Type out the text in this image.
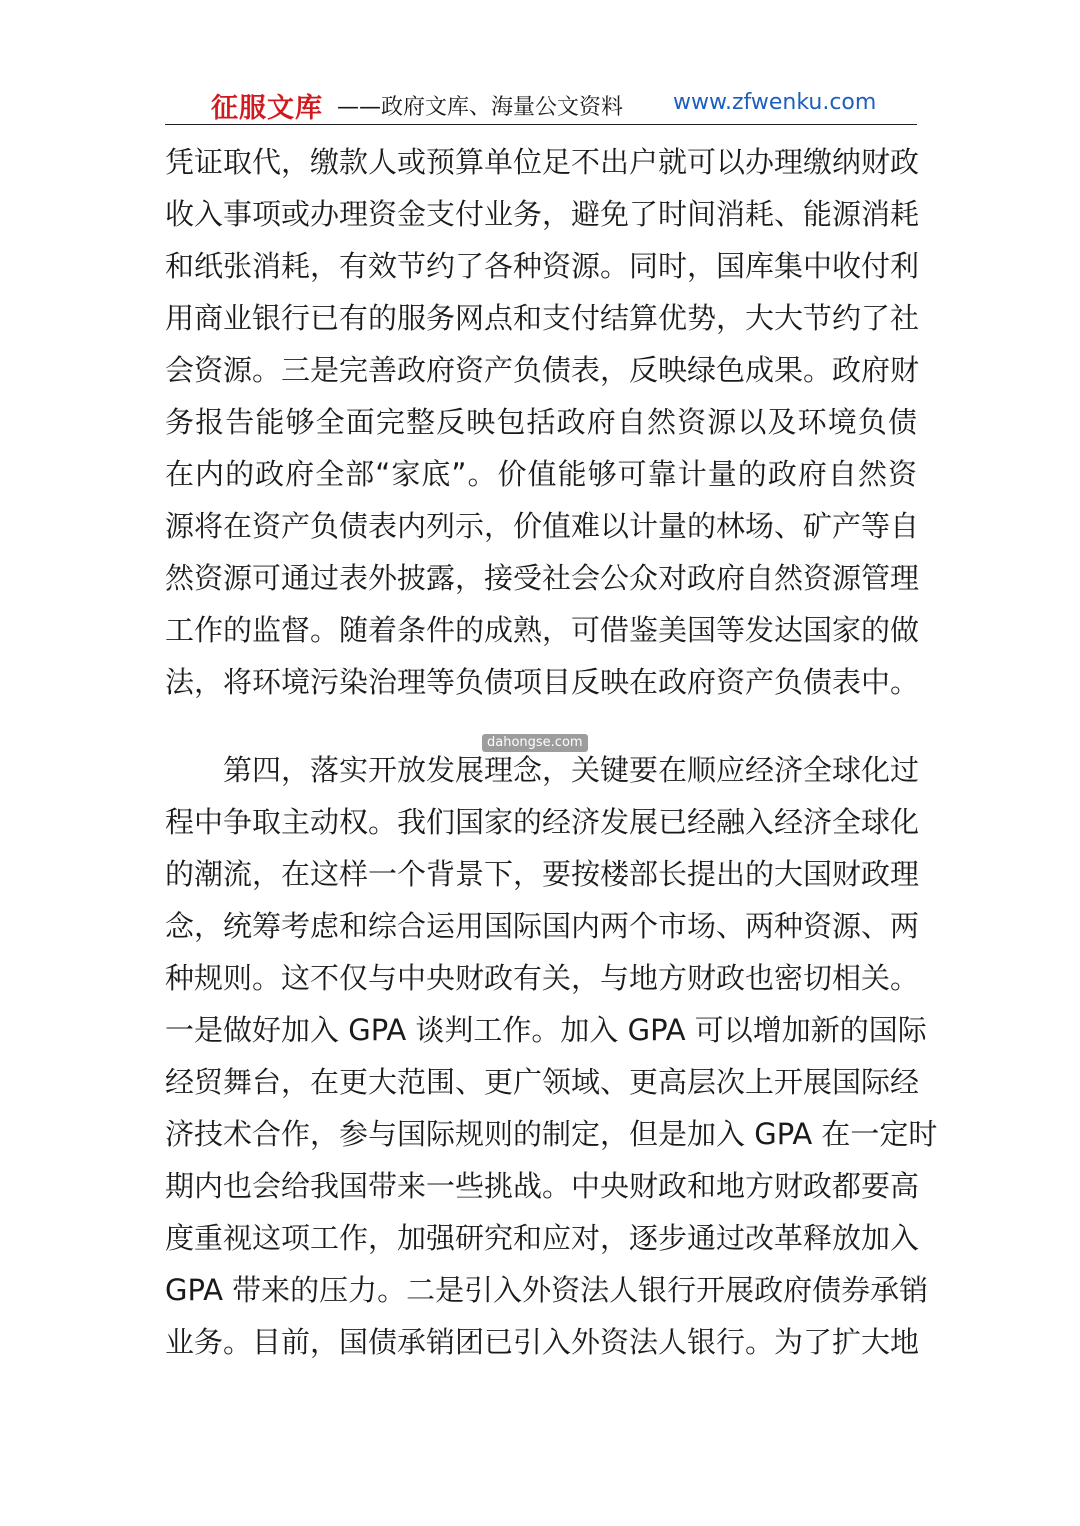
征服文库 ——政府文库、海量公文资料 www.zfwenku.com
凭证取代，缴款人或预算单位足不出户就可以办理缴纳财政
收入事项或办理资金支付业务，避免了时间消耗、能源消耗
和纸张消耗，有效节约了各种资源。同时，国库集中收付利
用商业银行已有的服务网点和支付结算优势，大大节约了社
会资源。三是完善政府资产负债表，反映绿色成果。政府财
务报告能够全面完整反映包括政府自然资源以及环境负债
在内的政府全部“家底”。价值能够可靠计量的政府自然资
源将在资产负债表内列示，价值难以计量的林场、矿产等自
然资源可通过表外披露，接受社会公众对政府自然资源管理
工作的监督。随着条件的成熟，可借鉴美国等发达国家的做
法，将环境污染治理等负债项目反映在政府资产负债表中。
dahongse.com
　　第四，落实开放发展理念，关键要在顺应经济全球化过
程中争取主动权。我们国家的经济发展已经融入经济全球化
的潮流，在这样一个背景下，要按楼部长提出的大国财政理
念，统筹考虑和综合运用国际国内两个市场、两种资源、两
种规则。这不仅与中央财政有关，与地方财政也密切相关。
一是做好加入 GPA 谈判工作。加入 GPA 可以增加新的国际
经贸舞台，在更大范围、更广领域、更高层次上开展国际经
济技术合作，参与国际规则的制定，但是加入 GPA 在一定时
期内也会给我国带来一些挑战。中央财政和地方财政都要高
度重视这项工作，加强研究和应对，逐步通过改革释放加入
GPA 带来的压力。二是引入外资法人银行开展政府债券承销
业务。目前，国债承销团已引入外资法人银行。为了扩大地
